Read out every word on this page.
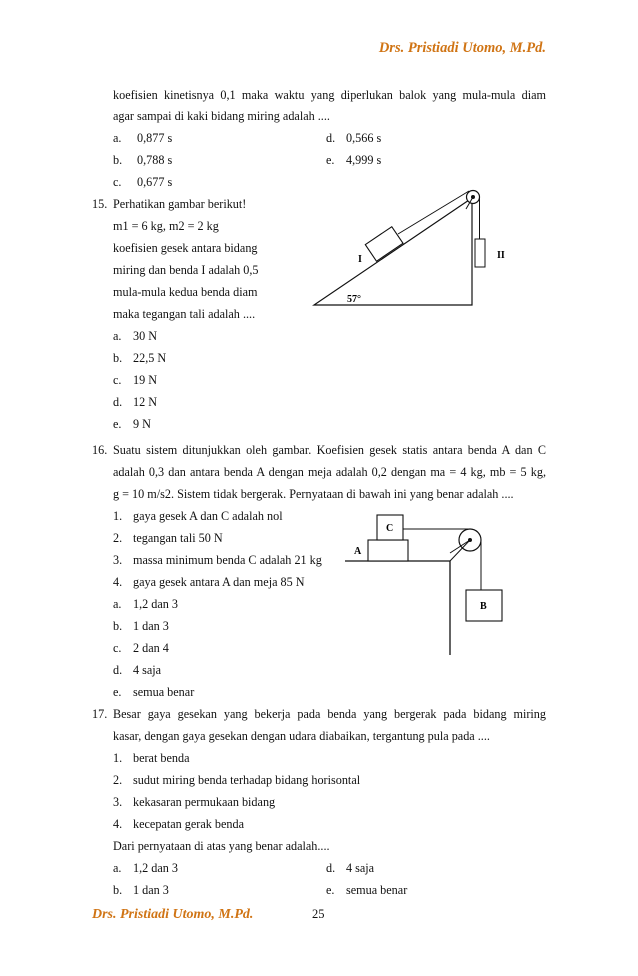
Drs. Pristiadi Utomo, M.Pd.
koefisien kinetisnya 0,1 maka waktu yang diperlukan balok yang mula-mula diam
agar sampai di kaki bidang miring adalah ....
a.	0,877 s	d. 0,566 s
b.	0,788 s	e. 4,999 s
c.	0,677 s
15. Perhatikan gambar berikut!
m1 = 6 kg, m2 = 2 kg
koefisien gesek antara bidang
miring dan benda I adalah 0,5
mula-mula kedua benda diam
maka tegangan tali adalah ....
a. 30 N
b. 22,5 N
c. 19 N
d. 12 N
e. 9 N
I	II
57°
16. Suatu sistem ditunjukkan oleh gambar. Koefisien gesek statis antara benda A dan C
adalah 0,3 dan antara benda A dengan meja adalah 0,2 dengan ma = 4 kg, mb = 5 kg,
g = 10 m/s2. Sistem tidak bergerak. Pernyataan di bawah ini yang benar adalah ....
1. gaya gesek A dan C adalah nol
2. tegangan tali 50 N
3. massa minimum benda C adalah 21 kg
4. gaya gesek antara A dan meja 85 N
a. 1,2 dan 3
b. 1 dan 3
c. 2 dan 4
d. 4 saja
e. semua benar
A
C
B
17. Besar gaya gesekan yang bekerja pada benda yang bergerak pada bidang miring
kasar, dengan gaya gesekan dengan udara diabaikan, tergantung pula pada ....
1. berat benda
2. sudut miring benda terhadap bidang horisontal
3. kekasaran permukaan bidang
4. kecepatan gerak benda
Dari pernyataan di atas yang benar adalah....
a. 1,2 dan 3	d. 4 saja
b. 1 dan 3	e. semua benar
Drs. Pristiadi Utomo, M.Pd.	25
